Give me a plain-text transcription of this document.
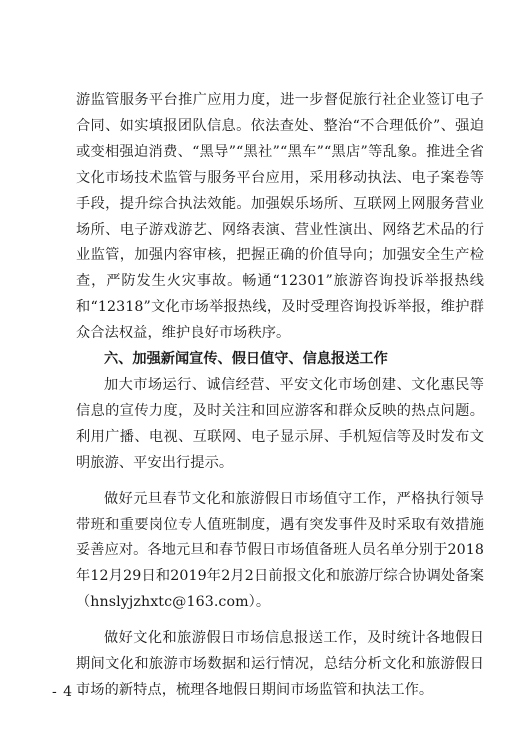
游监管服务平台推广应用力度，进一步督促旅行社企业签订电子合同、如实填报团队信息。依法查处、整治“不合理低价”、强迫或变相强迫消费、“黑导”“黑社”“黑车”“黑店”等乱象。推进全省文化市场技术监管与服务平台应用，采用移动执法、电子案卷等手段，提升综合执法效能。加强娱乐场所、互联网上网服务营业场所、电子游戏游艺、网络表演、营业性演出、网络艺术品的行业监管，加强内容审核，把握正确的价值导向；加强安全生产检查，严防发生火灾事故。畅通“12301”旅游咨询投诉举报热线和“12318”文化市场举报热线，及时受理咨询投诉举报，维护群众合法权益，维护良好市场秩序。

六、加强新闻宣传、假日值守、信息报送工作

加大市场运行、诚信经营、平安文化市场创建、文化惠民等信息的宣传力度，及时关注和回应游客和群众反映的热点问题。利用广播、电视、互联网、电子显示屏、手机短信等及时发布文明旅游、平安出行提示。

做好元旦春节文化和旅游假日市场值守工作，严格执行领导带班和重要岗位专人值班制度，遇有突发事件及时采取有效措施妥善应对。各地元旦和春节假日市场值备班人员名单分别于2018年12月29日和2019年2月2日前报文化和旅游厅综合协调处备案（hnslyjzhxtc@163.com）。

做好文化和旅游假日市场信息报送工作，及时统计各地假日期间文化和旅游市场数据和运行情况，总结分析文化和旅游假日市场的新特点，梳理各地假日期间市场监管和执法工作。

- 4 -
